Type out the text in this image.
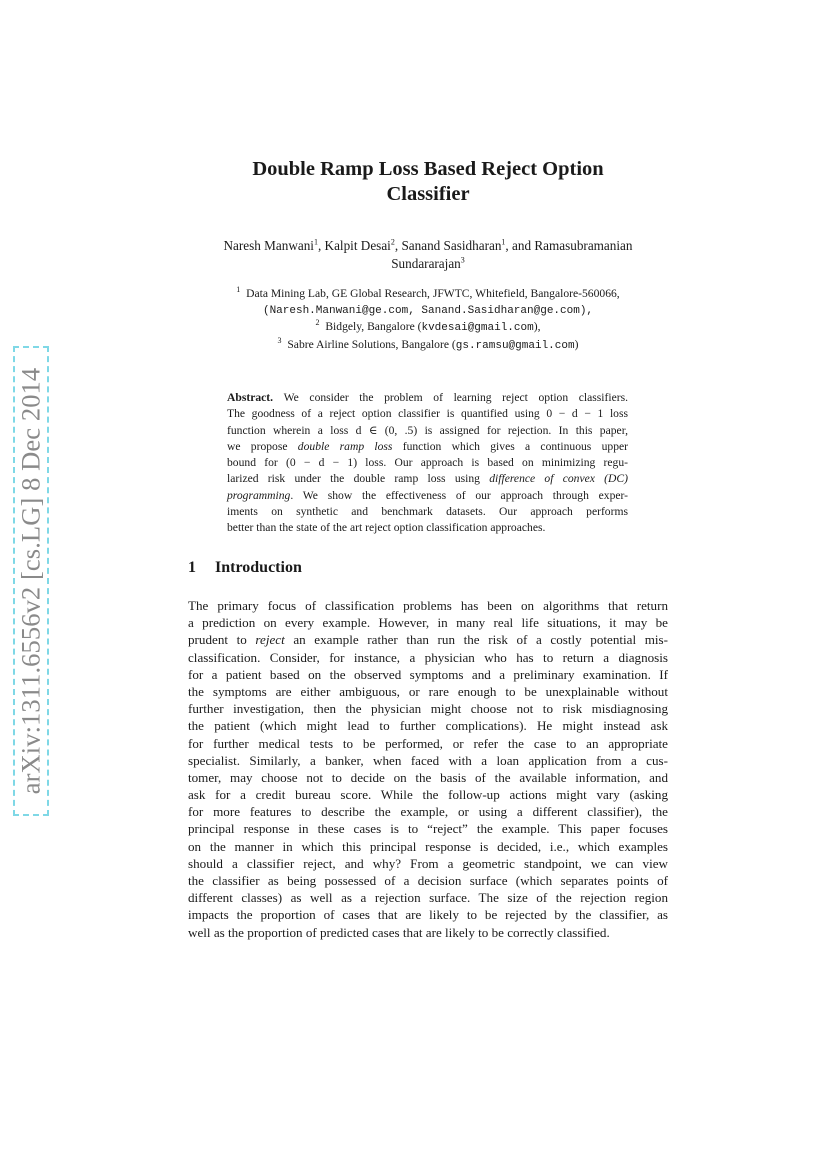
arXiv:1311.6556v2 [cs.LG] 8 Dec 2014
Double Ramp Loss Based Reject Option
Classifier

Naresh Manwani$^1$, Kalpit Desai$^2$, Sanand Sasidharan$^1$, and Ramasubramanian
Sundararajan$^3$

$^1$ Data Mining Lab, GE Global Research, JFWTC, Whitefield, Bangalore-560066,
(Naresh.Manwani@ge.com, Sanand.Sasidharan@ge.com),
$^2$ Bidgely, Bangalore (kvdesai@gmail.com),
$^3$ Sabre Airline Solutions, Bangalore (gs.ramsu@gmail.com)

Abstract. We consider the problem of learning reject option classifiers.
The goodness of a reject option classifier is quantified using 0 − d − 1 loss
function wherein a loss d ∈ (0, .5) is assigned for rejection. In this paper,
we propose double ramp loss function which gives a continuous upper
bound for (0 − d − 1) loss. Our approach is based on minimizing regu-
larized risk under the double ramp loss using difference of convex (DC)
programming. We show the effectiveness of our approach through exper-
iments on synthetic and benchmark datasets. Our approach performs
better than the state of the art reject option classification approaches.
1 Introduction
The primary focus of classification problems has been on algorithms that return
a prediction on every example. However, in many real life situations, it may be
prudent to reject an example rather than run the risk of a costly potential mis-
classification. Consider, for instance, a physician who has to return a diagnosis
for a patient based on the observed symptoms and a preliminary examination. If
the symptoms are either ambiguous, or rare enough to be unexplainable without
further investigation, then the physician might choose not to risk misdiagnosing
the patient (which might lead to further complications). He might instead ask
for further medical tests to be performed, or refer the case to an appropriate
specialist. Similarly, a banker, when faced with a loan application from a cus-
tomer, may choose not to decide on the basis of the available information, and
ask for a credit bureau score. While the follow-up actions might vary (asking
for more features to describe the example, or using a different classifier), the
principal response in these cases is to “reject” the example. This paper focuses
on the manner in which this principal response is decided, i.e., which examples
should a classifier reject, and why? From a geometric standpoint, we can view
the classifier as being possessed of a decision surface (which separates points of
different classes) as well as a rejection surface. The size of the rejection region
impacts the proportion of cases that are likely to be rejected by the classifier, as
well as the proportion of predicted cases that are likely to be correctly classified.
